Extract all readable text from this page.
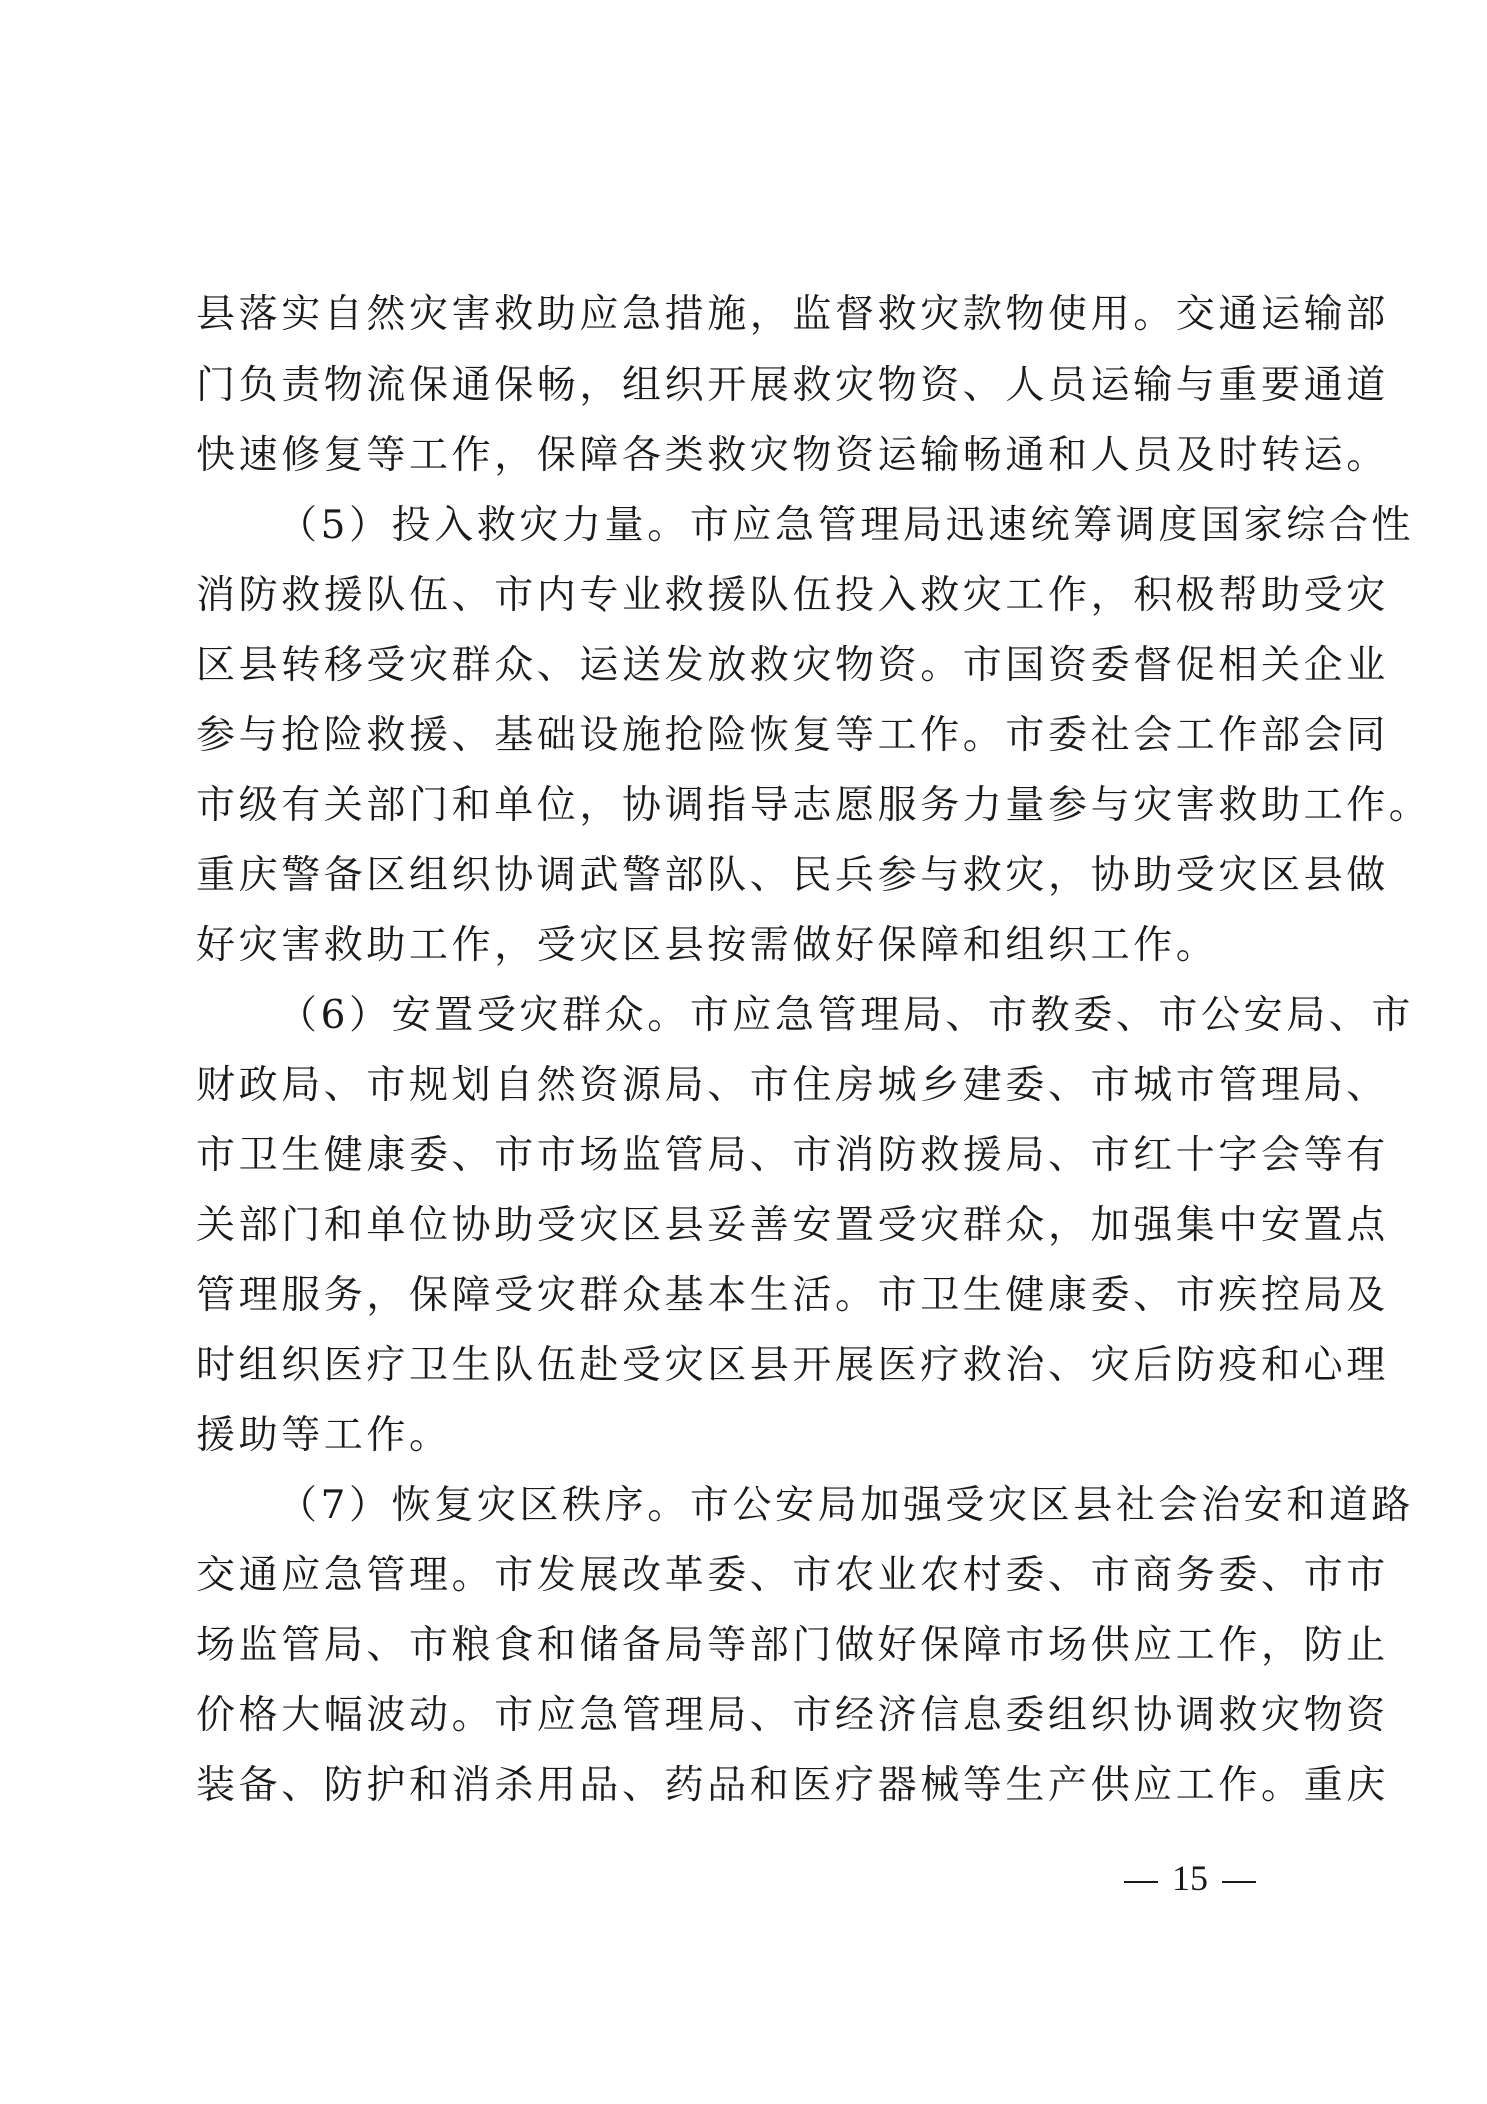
县落实自然灾害救助应急措施，监督救灾款物使用。交通运输部
门负责物流保通保畅，组织开展救灾物资、人员运输与重要通道
快速修复等工作，保障各类救灾物资运输畅通和人员及时转运。
（5）投入救灾力量。市应急管理局迅速统筹调度国家综合性
消防救援队伍、市内专业救援队伍投入救灾工作，积极帮助受灾
区县转移受灾群众、运送发放救灾物资。市国资委督促相关企业
参与抢险救援、基础设施抢险恢复等工作。市委社会工作部会同
市级有关部门和单位，协调指导志愿服务力量参与灾害救助工作。
重庆警备区组织协调武警部队、民兵参与救灾，协助受灾区县做
好灾害救助工作，受灾区县按需做好保障和组织工作。
（6）安置受灾群众。市应急管理局、市教委、市公安局、市
财政局、市规划自然资源局、市住房城乡建委、市城市管理局、
市卫生健康委、市市场监管局、市消防救援局、市红十字会等有
关部门和单位协助受灾区县妥善安置受灾群众，加强集中安置点
管理服务，保障受灾群众基本生活。市卫生健康委、市疾控局及
时组织医疗卫生队伍赴受灾区县开展医疗救治、灾后防疫和心理
援助等工作。
（7）恢复灾区秩序。市公安局加强受灾区县社会治安和道路
交通应急管理。市发展改革委、市农业农村委、市商务委、市市
场监管局、市粮食和储备局等部门做好保障市场供应工作，防止
价格大幅波动。市应急管理局、市经济信息委组织协调救灾物资
装备、防护和消杀用品、药品和医疗器械等生产供应工作。重庆
15
